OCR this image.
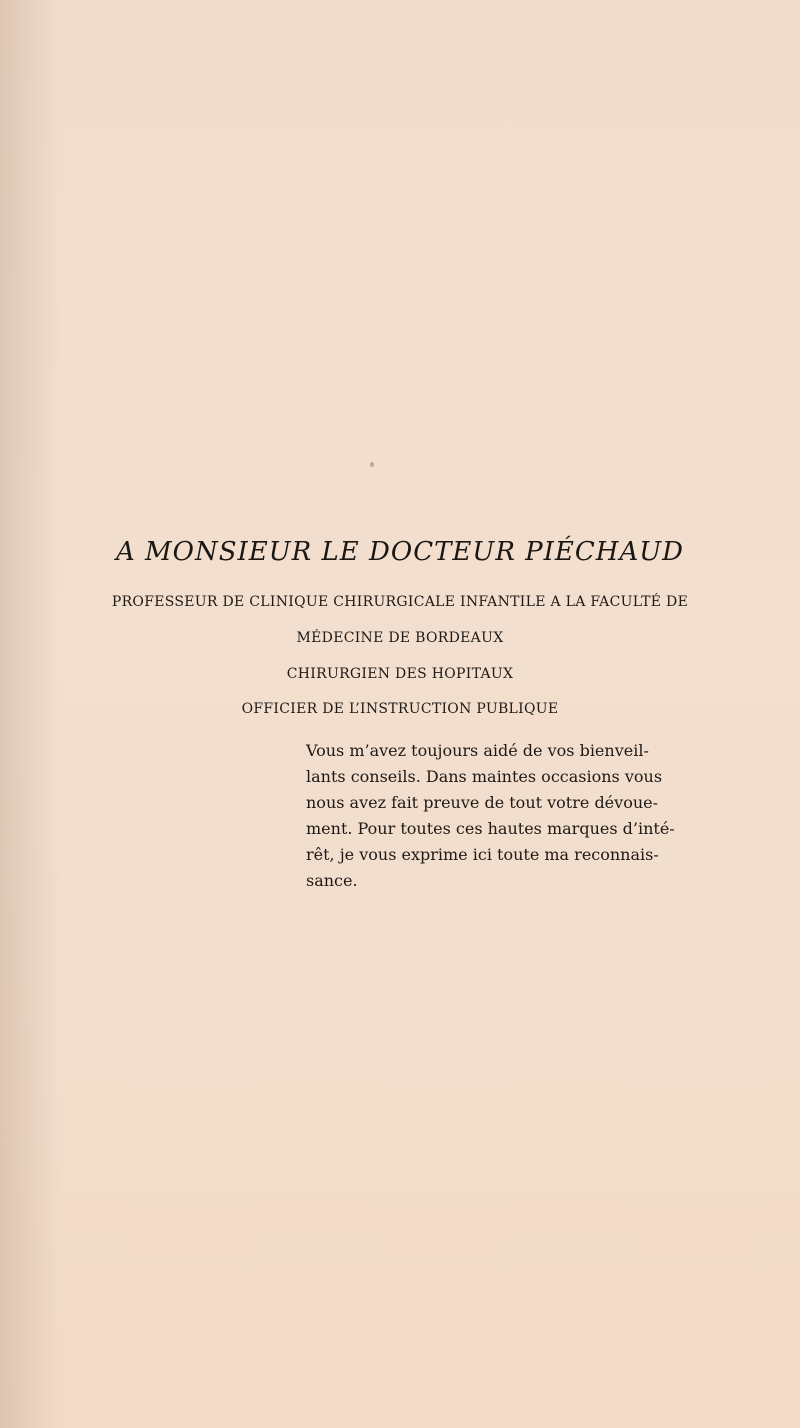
A MONSIEUR LE DOCTEUR PIÉCHAUD
PROFESSEUR DE CLINIQUE CHIRURGICALE INFANTILE A LA FACULTÉ DE
MÉDECINE DE BORDEAUX
CHIRURGIEN DES HOPITAUX
OFFICIER DE L’INSTRUCTION PUBLIQUE
Vous m’avez toujours aidé de vos bienveil-
lants conseils. Dans maintes occasions vous
nous avez fait preuve de tout votre dévoue-
ment. Pour toutes ces hautes marques d’inté-
rêt, je vous exprime ici toute ma reconnais-
sance.
